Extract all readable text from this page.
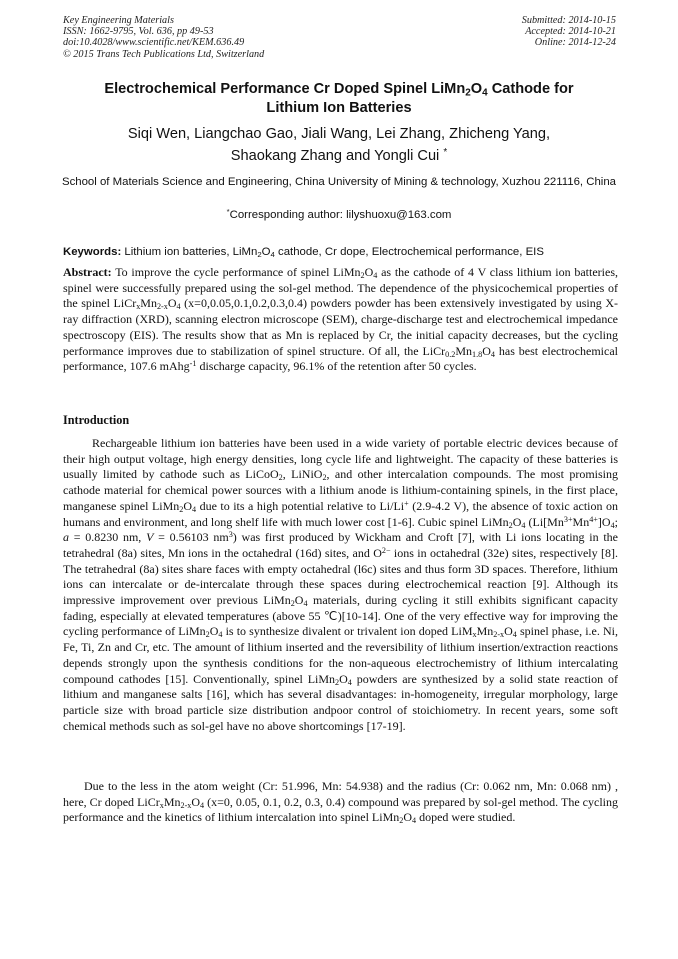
Key Engineering Materials
ISSN: 1662-9795, Vol. 636, pp 49-53
doi:10.4028/www.scientific.net/KEM.636.49
© 2015 Trans Tech Publications Ltd, Switzerland
Submitted: 2014-10-15
Accepted: 2014-10-21
Online: 2014-12-24
Electrochemical Performance Cr Doped Spinel $LiMn_2O_4$ Cathode for
Lithium Ion Batteries
Siqi Wen, Liangchao Gao, Jiali Wang, Lei Zhang, Zhicheng Yang,
Shaokang Zhang and Yongli Cui *
School of Materials Science and Engineering, China University of Mining & technology, Xuzhou 221116, China
*Corresponding author: lilyshuoxu@163.com
Keywords: Lithium ion batteries, $LiMn_2O_4$ cathode, Cr dope, Electrochemical performance, EIS
Abstract: To improve the cycle performance of spinel $LiMn_2O_4$ as the cathode of 4 V class lithium ion batteries, spinel were successfully prepared using the sol-gel method. The dependence of the physicochemical properties of the spinel $LiCr_xMn_{2-x}O_4$ (x=0,0.05,0.1,0.2,0.3,0.4) powders powder has been extensively investigated by using X-ray diffraction (XRD), scanning electron microscope (SEM), charge-discharge test and electrochemical impedance spectroscopy (EIS). The results show that as Mn is replaced by Cr, the initial capacity decreases, but the cycling performance improves due to stabilization of spinel structure. Of all, the $LiCr_{0.2}Mn_{1.8}O_4$ has best electrochemical performance, 107.6 mAhg$^{-1}$ discharge capacity, 96.1% of the retention after 50 cycles.
Introduction
Rechargeable lithium ion batteries have been used in a wide variety of portable electric devices because of their high output voltage, high energy densities, long cycle life and lightweight. The capacity of these batteries is usually limited by cathode such as LiCoO$_2$, LiNiO$_2$, and other intercalation compounds. The most promising cathode material for chemical power sources with a lithium anode is lithium-containing spinels, in the first place, manganese spinel $LiMn_2O_4$ due to its a high potential relative to Li/Li+ (2.9-4.2 V), the absence of toxic action on humans and environment, and long shelf life with much lower cost [1-6]. Cubic spinel $LiMn_2O_4$ ($Li[Mn^{3+}Mn^{4+}]O_4$; a = 0.8230 nm, V = 0.56103 $nm^3$) was first produced by Wickham and Croft [7], with Li ions locating in the tetrahedral (8a) sites, Mn ions in the octahedral (16d) sites, and $O^{2-}$ ions in octahedral (32e) sites, respectively [8]. The tetrahedral (8a) sites share faces with empty octahedral (l6c) sites and thus form 3D spaces. Therefore, lithium ions can intercalate or de-intercalate through these spaces during electrochemical reaction [9]. Although its impressive improvement over previous $LiMn_2O_4$ materials, during cycling it still exhibits significant capacity fading, especially at elevated temperatures (above 55 ℃)[10-14]. One of the very effective way for improving the cycling performance of $LiMn_2O_4$ is to synthesize divalent or trivalent ion doped $LiM_xMn_{2-x}O_4$ spinel phase, i.e. Ni, Fe, Ti, Zn and Cr, etc. The amount of lithium inserted and the reversibility of lithium insertion/extraction reactions depends strongly upon the synthesis conditions for the non-aqueous electrochemistry of lithium intercalating compound cathodes [15]. Conventionally, spinel $LiMn_2O_4$ powders are synthesized by a solid state reaction of lithium and manganese salts [16], which has several disadvantages: in-homogeneity, irregular morphology, large particle size with broad particle size distribution andpoor control of stoichiometry. In recent years, some soft chemical methods such as sol-gel have no above shortcomings [17-19].
Due to the less in the atom weight (Cr: 51.996, Mn: 54.938) and the radius (Cr: 0.062 nm, Mn: 0.068 nm) , here, Cr doped $LiCr_xMn_{2-x}O_4$ (x=0, 0.05, 0.1, 0.2, 0.3, 0.4) compound was prepared by sol-gel method. The cycling performance and the kinetics of lithium intercalation into spinel $LiMn_2O_4$ doped were studied.
